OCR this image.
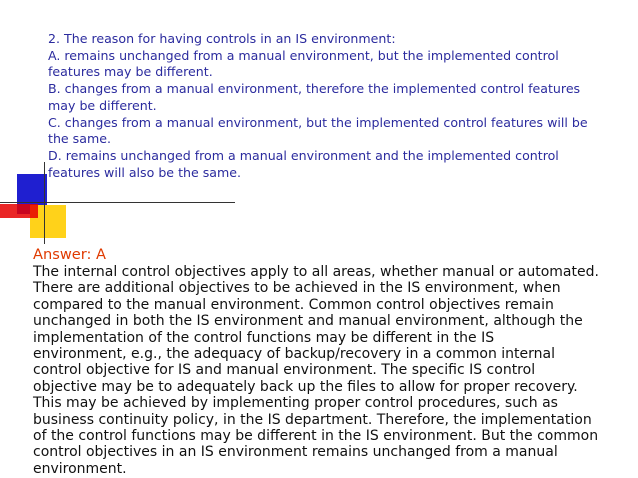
2. The reason for having controls in an IS environment:
A. remains unchanged from a manual environment, but the implemented control
features may be different.
B. changes from a manual environment, therefore the implemented control features
may be different.
C. changes from a manual environment, but the implemented control features will be
the same.
D. remains unchanged from a manual environment and the implemented control
features will also be the same.
Answer: A
The internal control objectives apply to all areas, whether manual or automated.
There are additional objectives to be achieved in the IS environment, when
compared to the manual environment. Common control objectives remain
unchanged in both the IS environment and manual environment, although the
implementation of the control functions may be different in the IS
environment, e.g., the adequacy of backup/recovery in a common internal
control objective for IS and manual environment. The specific IS control
objective may be to adequately back up the files to allow for proper recovery.
This may be achieved by implementing proper control procedures, such as
business continuity policy, in the IS department. Therefore, the implementation
of the control functions may be different in the IS environment. But the common
control objectives in an IS environment remains unchanged from a manual
environment.
